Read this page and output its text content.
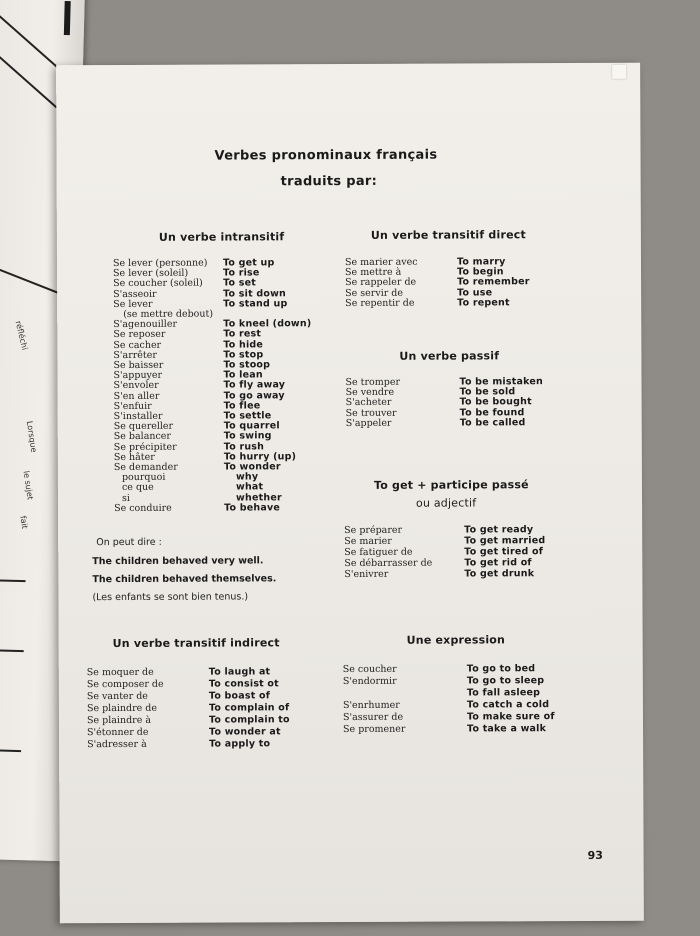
réfléchi
Lorsque
le sujet
fait
Verbes pronominaux français
traduits par:
Un verbe intransitif
Se lever (personne) To get up
Se lever (soleil)	To rise
Se coucher (soleil) To set
S'asseoir	To sit down
Se lever	To stand up
(se mettre debout)
S'agenouiller	To kneel (down)
Se reposer	To rest
Se cacher	To hide
S'arrêter	To stop
Se baisser	To stoop
S'appuyer	To lean
S'envoler	To fly away
S'en aller	To go away
S'enfuir	To flee
S'installer	To settle
Se quereller	To quarrel
Se balancer	To swing
Se précipiter	To rush
Se hâter	To hurry (up)
Se demander	To wonder
pourquoi	why
ce que	what
si	whether
Se conduire	To behave
On peut dire :
The children behaved very well.
The children behaved themselves.
(Les enfants se sont bien tenus.)
Un verbe transitif direct
Se marier avec	To marry
Se mettre à	To begin
Se rappeler de	To remember
Se servir de	To use
Se repentir de	To repent
Un verbe passif
Se tromper	To be mistaken
Se vendre	To be sold
S'acheter	To be bought
Se trouver	To be found
S'appeler	To be called
To get + participe passé
ou adjectif
Se préparer	To get ready
Se marier	To get married
Se fatiguer de	To get tired of
Se débarrasser de	To get rid of
S'enivrer	To get drunk
Un verbe transitif indirect
Se moquer de	To laugh at
Se composer de	To consist ot
Se vanter de	To boast of
Se plaindre de	To complain of
Se plaindre à	To complain to
S'étonner de	To wonder at
S'adresser à	To apply to
Une expression
Se coucher	To go to bed
S'endormir	To go to sleep
To fall asleep
S'enrhumer	To catch a cold
S'assurer de	To make sure of
Se promener	To take a walk
93
